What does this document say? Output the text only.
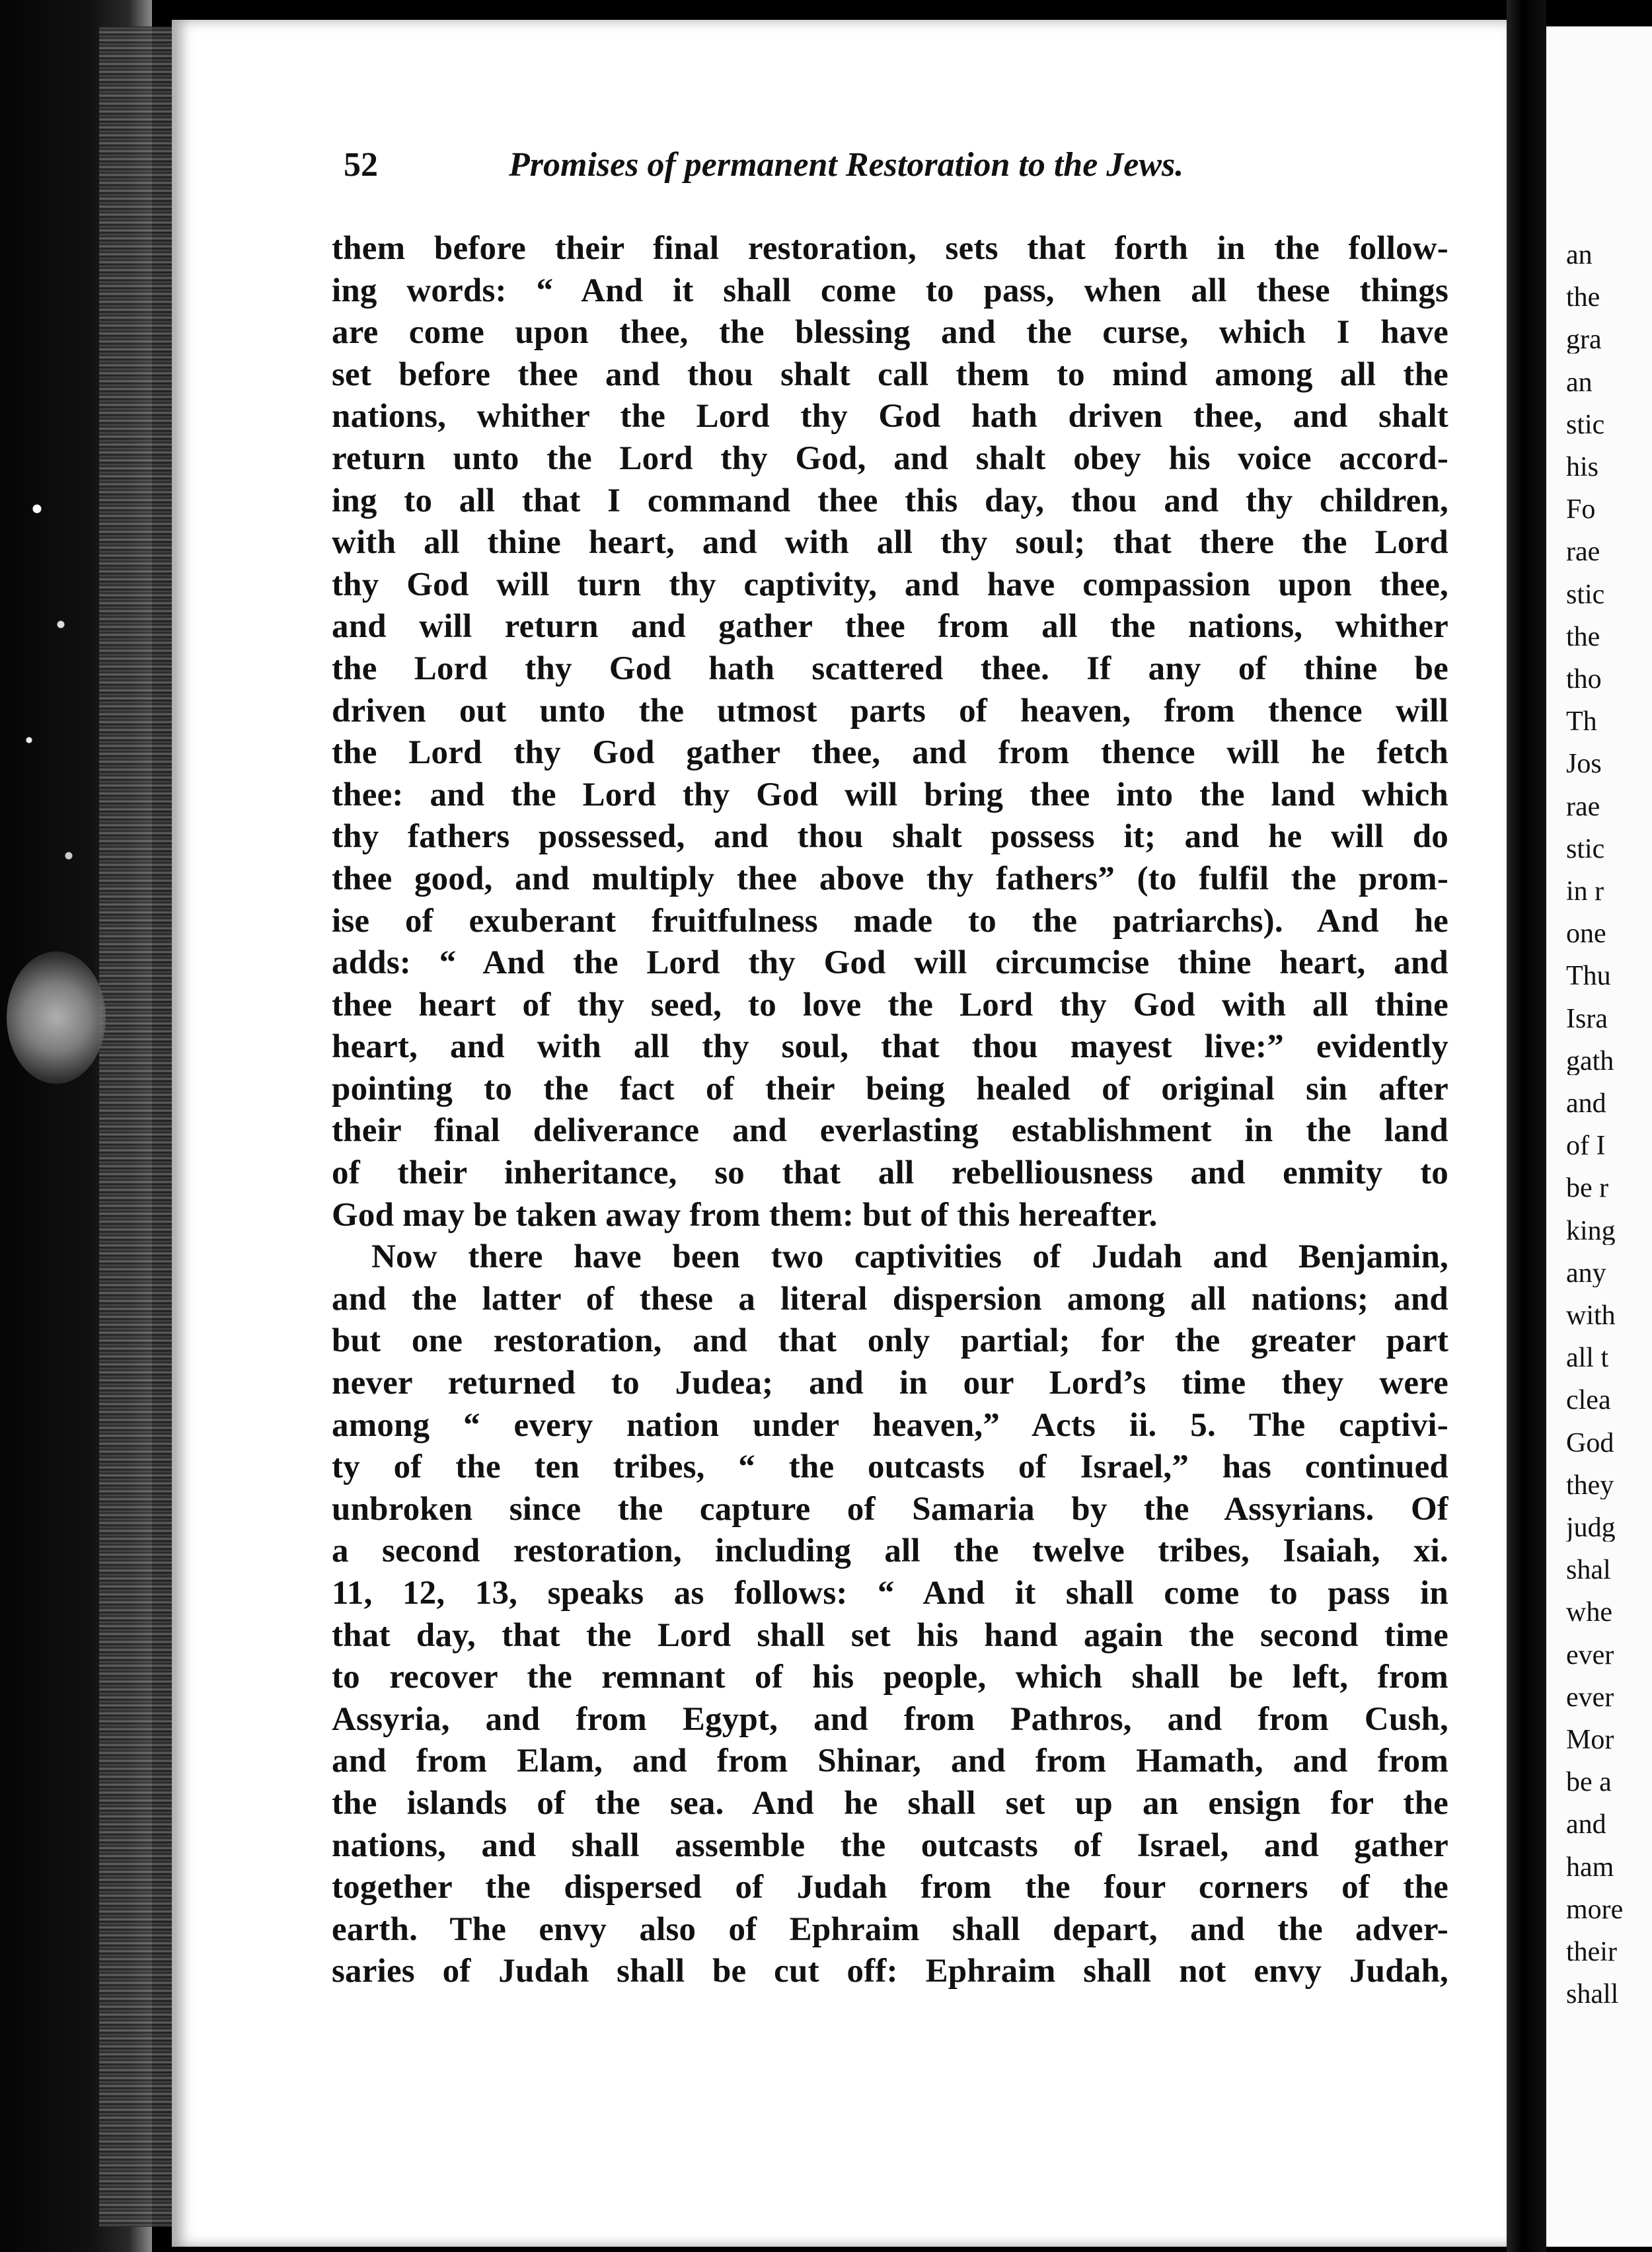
an
the
gra
an
stic
his
Fo
rae
stic
the
tho
Th
Jos
rae
stic
in r
one
Thu
Isra
gath
and
of I
be r
king
any
with
all t
clea
God
they
judg
shal
whe
ever
ever
Mor
be a
and
ham
more
their
shall
52	Promises of permanent Restoration to the Jews.
them before their final restoration, sets that forth in the follow-
ing words: “ And it shall come to pass, when all these things
are come upon thee, the blessing and the curse, which I have
set before thee and thou shalt call them to mind among all the
nations, whither the Lord thy God hath driven thee, and shalt
return unto the Lord thy God, and shalt obey his voice accord-
ing to all that I command thee this day, thou and thy children,
with all thine heart, and with all thy soul; that there the Lord
thy God will turn thy captivity, and have compassion upon thee,
and will return and gather thee from all the nations, whither
the Lord thy God hath scattered thee. If any of thine be
driven out unto the utmost parts of heaven, from thence will
the Lord thy God gather thee, and from thence will he fetch
thee: and the Lord thy God will bring thee into the land which
thy fathers possessed, and thou shalt possess it; and he will do
thee good, and multiply thee above thy fathers” (to fulfil the prom-
ise of exuberant fruitfulness made to the patriarchs). And he
adds: “ And the Lord thy God will circumcise thine heart, and
thee heart of thy seed, to love the Lord thy God with all thine
heart, and with all thy soul, that thou mayest live:” evidently
pointing to the fact of their being healed of original sin after
their final deliverance and everlasting establishment in the land
of their inheritance, so that all rebelliousness and enmity to
God may be taken away from them: but of this hereafter.
Now there have been two captivities of Judah and Benjamin,
and the latter of these a literal dispersion among all nations; and
but one restoration, and that only partial; for the greater part
never returned to Judea; and in our Lord’s time they were
among “ every nation under heaven,” Acts ii. 5. The captivi-
ty of the ten tribes, “ the outcasts of Israel,” has continued
unbroken since the capture of Samaria by the Assyrians. Of
a second restoration, including all the twelve tribes, Isaiah, xi.
11, 12, 13, speaks as follows: “ And it shall come to pass in
that day, that the Lord shall set his hand again the second time
to recover the remnant of his people, which shall be left, from
Assyria, and from Egypt, and from Pathros, and from Cush,
and from Elam, and from Shinar, and from Hamath, and from
the islands of the sea. And he shall set up an ensign for the
nations, and shall assemble the outcasts of Israel, and gather
together the dispersed of Judah from the four corners of the
earth. The envy also of Ephraim shall depart, and the adver-
saries of Judah shall be cut off: Ephraim shall not envy Judah,
